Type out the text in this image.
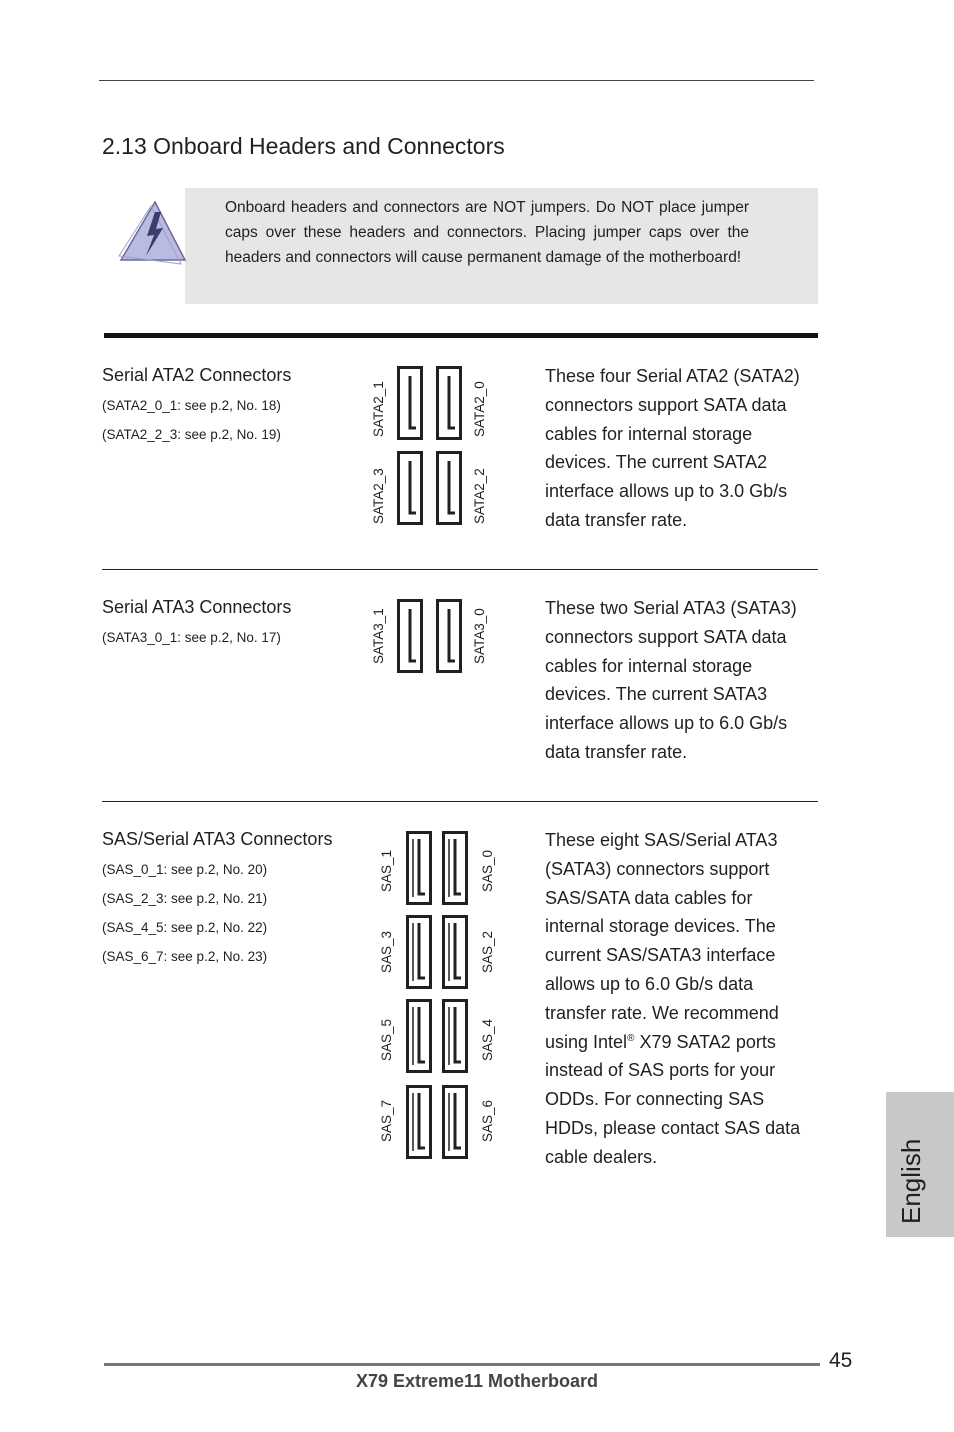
2.13 Onboard Headers and Connectors
Onboard headers and connectors are NOT jumpers. Do NOT place jumper caps over these headers and connectors. Placing jumper caps over the headers and connectors will cause permanent damage of the motherboard!
Serial ATA2 Connectors
(SATA2_0_1: see p.2, No. 18)
(SATA2_2_3: see p.2, No. 19)	SATA2_1	SATA2_0
SATA2_3	SATA2_2
These four Serial ATA2 (SATA2)
connectors support SATA data
cables for internal storage
devices. The current SATA2
interface allows up to 3.0 Gb/s
data transfer rate.
Serial ATA3 Connectors
(SATA3_0_1: see p.2, No. 17)	SATA3_1	SATA3_0
These two Serial ATA3 (SATA3)
connectors support SATA data
cables for internal storage
devices. The current SATA3
interface allows up to 6.0 Gb/s
data transfer rate.
SAS/Serial ATA3 Connectors
(SAS_0_1: see p.2, No. 20)
(SAS_2_3: see p.2, No. 21)
(SAS_4_5: see p.2, No. 22)
(SAS_6_7: see p.2, No. 23)
SAS_1	SAS_0
SAS_3	SAS_2
SAS_5	SAS_4
SAS_7	SAS_6
These eight SAS/Serial ATA3
(SATA3) connectors support
SAS/SATA data cables for
internal storage devices. The
current SAS/SATA3 interface
allows up to 6.0 Gb/s data
transfer rate. We recommend
using Intel® X79 SATA2 ports
instead of SAS ports for your
ODDs. For connecting SAS
HDDs, please contact SAS data
cable dealers.	English
45
X79 Extreme11 Motherboard
